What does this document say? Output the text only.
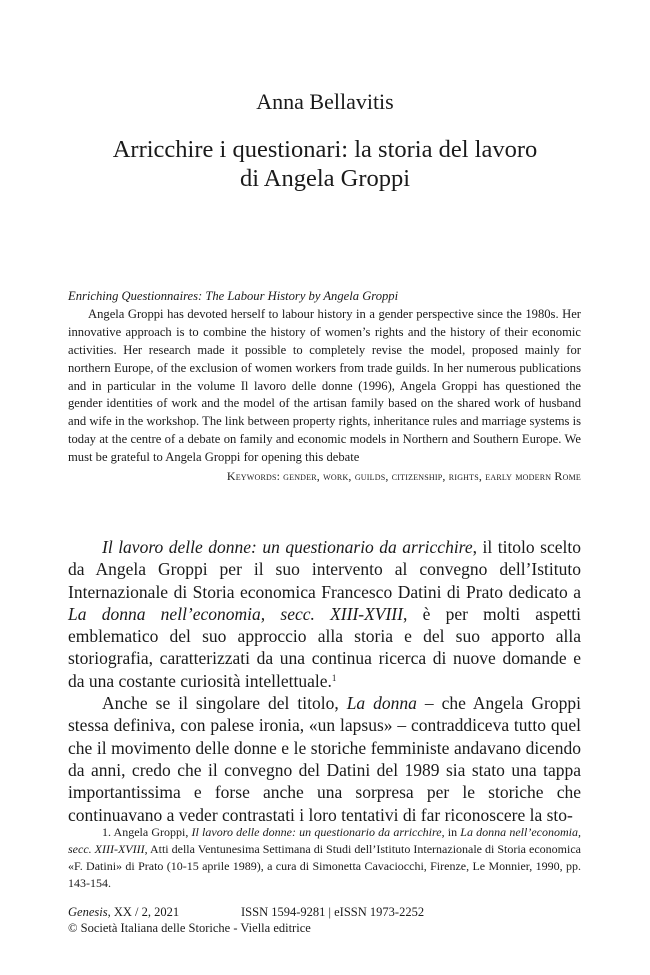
Anna Bellavitis
Arricchire i questionari: la storia del lavoro
di Angela Groppi
Enriching Questionnaires: The Labour History by Angela Groppi

Angela Groppi has devoted herself to labour history in a gender perspective since the 1980s. Her innovative approach is to combine the history of women’s rights and the history of their economic activities. Her research made it possible to completely revise the model, proposed mainly for northern Europe, of the exclusion of women workers from trade guilds. In her numerous publications and in particular in the volume Il lavoro delle donne (1996), Angela Groppi has questioned the gender identities of work and the model of the artisan family based on the shared work of husband and wife in the workshop. The link between property rights, inheritance rules and marriage systems is today at the centre of a debate on family and economic models in Northern and Southern Europe. We must be grateful to Angela Groppi for opening this debate

Keywords: gender, work, guilds, citizenship, rights, early modern Rome

Il lavoro delle donne: un questionario da arricchire, il titolo scelto da Angela Groppi per il suo intervento al convegno dell’Istituto Internazionale di Storia economica Francesco Datini di Prato dedicato a La donna nell’economia, secc. XIII-XVIII, è per molti aspetti emblematico del suo approccio alla storia e del suo apporto alla storiografia, caratterizzati da una continua ricerca di nuove domande e da una costante curiosità intellettuale.$^1$

Anche se il singolare del titolo, La donna – che Angela Groppi stessa definiva, con palese ironia, «un lapsus» – contraddiceva tutto quel che il movimento delle donne e le storiche femministe andavano dicendo da anni, credo che il convegno del Datini del 1989 sia stato una tappa importantissima e forse anche una sorpresa per le storiche che continuavano a veder contrastati i loro tentativi di far riconoscere la sto-

1. Angela Groppi, Il lavoro delle donne: un questionario da arricchire, in La donna nell’economia, secc. XIII-XVIII, Atti della Ventunesima Settimana di Studi dell’Istituto Internazionale di Storia economica «F. Datini» di Prato (10-15 aprile 1989), a cura di Simonetta Cavaciocchi, Firenze, Le Monnier, 1990, pp. 143-154.

Genesis, XX / 2, 2021	ISSN 1594-9281 | eISSN 1973-2252
© Società Italiana delle Storiche - Viella editrice
